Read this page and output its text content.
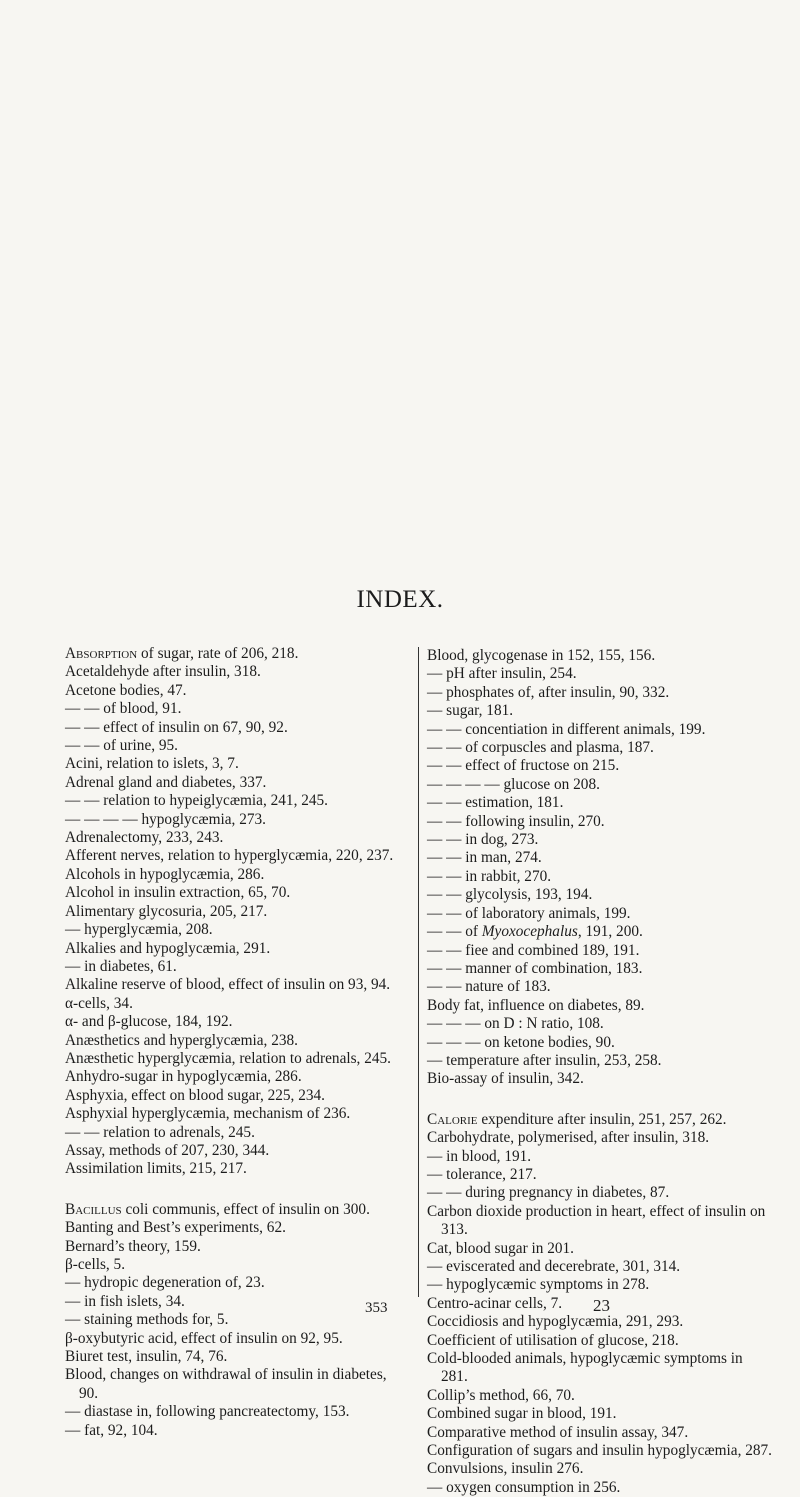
INDEX.
Absorption of sugar, rate of 206, 218.
Acetaldehyde after insulin, 318.
Acetone bodies, 47.
— — of blood, 91.
— — effect of insulin on 67, 90, 92.
— — of urine, 95.
Acini, relation to islets, 3, 7.
Adrenal gland and diabetes, 337.
— — relation to hypeiglycæmia, 241, 245.
— — — — hypoglycæmia, 273.
Adrenalectomy, 233, 243.
Afferent nerves, relation to hyperglycæmia, 220, 237.
Alcohols in hypoglycæmia, 286.
Alcohol in insulin extraction, 65, 70.
Alimentary glycosuria, 205, 217.
— hyperglycæmia, 208.
Alkalies and hypoglycæmia, 291.
— in diabetes, 61.
Alkaline reserve of blood, effect of insulin on 93, 94.
α-cells, 34.
α- and β-glucose, 184, 192.
Anæsthetics and hyperglycæmia, 238.
Anæsthetic hyperglycæmia, relation to adrenals, 245.
Anhydro-sugar in hypoglycæmia, 286.
Asphyxia, effect on blood sugar, 225, 234.
Asphyxial hyperglycæmia, mechanism of 236.
— — relation to adrenals, 245.
Assay, methods of 207, 230, 344.
Assimilation limits, 215, 217.
Bacillus coli communis, effect of insulin on 300.
Banting and Best’s experiments, 62.
Bernard’s theory, 159.
β-cells, 5.
— hydropic degeneration of, 23.
— in fish islets, 34.
— staining methods for, 5.
β-oxybutyric acid, effect of insulin on 92, 95.
Biuret test, insulin, 74, 76.
Blood, changes on withdrawal of insulin in diabetes, 90.
— diastase in, following pancreatectomy, 153.
— fat, 92, 104.
Blood, glycogenase in 152, 155, 156.
— pH after insulin, 254.
— phosphates of, after insulin, 90, 332.
— sugar, 181.
— — concentiation in different animals, 199.
— — of corpuscles and plasma, 187.
— — effect of fructose on 215.
— — — — glucose on 208.
— — estimation, 181.
— — following insulin, 270.
— — in dog, 273.
— — in man, 274.
— — in rabbit, 270.
— — glycolysis, 193, 194.
— — of laboratory animals, 199.
— — of Myoxocephalus, 191, 200.
— — fiee and combined 189, 191.
— — manner of combination, 183.
— — nature of 183.
Body fat, influence on diabetes, 89.
— — — on D : N ratio, 108.
— — — on ketone bodies, 90.
— temperature after insulin, 253, 258.
Bio-assay of insulin, 342.
Calorie expenditure after insulin, 251, 257, 262.
Carbohydrate, polymerised, after insulin, 318.
— in blood, 191.
— tolerance, 217.
— — during pregnancy in diabetes, 87.
Carbon dioxide production in heart, effect of insulin on 313.
Cat, blood sugar in 201.
— eviscerated and decerebrate, 301, 314.
— hypoglycæmic symptoms in 278.
Centro-acinar cells, 7.
Coccidiosis and hypoglycæmia, 291, 293.
Coefficient of utilisation of glucose, 218.
Cold-blooded animals, hypoglycæmic symptoms in 281.
Collip’s method, 66, 70.
Combined sugar in blood, 191.
Comparative method of insulin assay, 347.
Configuration of sugars and insulin hypoglycæmia, 287.
Convulsions, insulin 276.
— oxygen consumption in 256.
353	23
